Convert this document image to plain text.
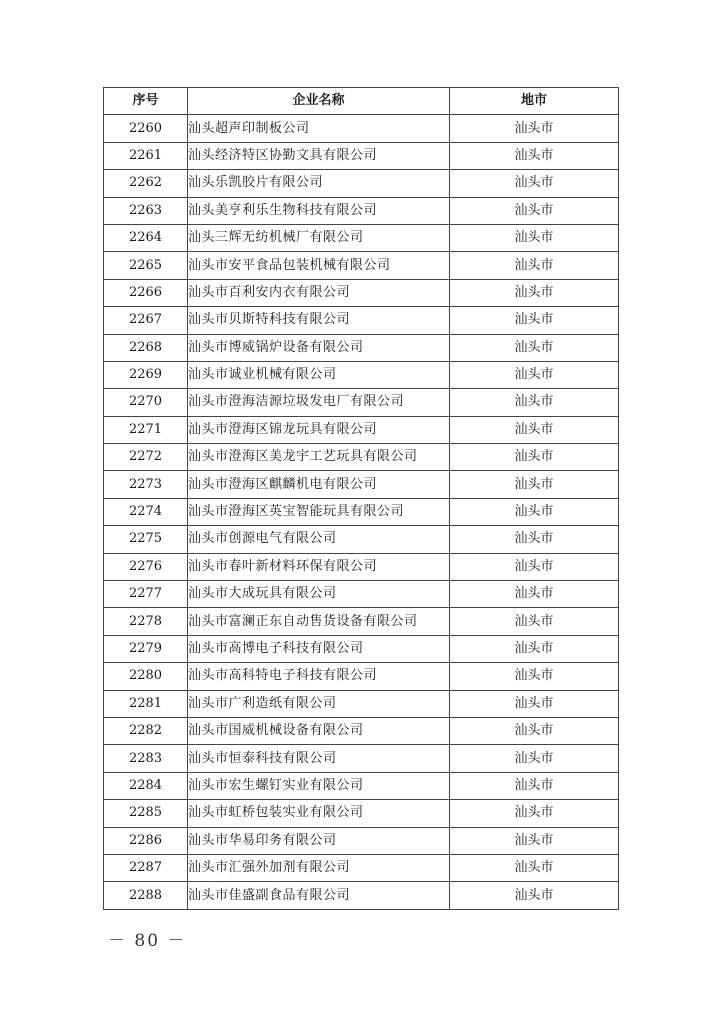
序号	企业名称	地市
2260	汕头超声印制板公司	汕头市
2261	汕头经济特区协勤文具有限公司	汕头市
2262	汕头乐凯胶片有限公司	汕头市
2263	汕头美亨利乐生物科技有限公司	汕头市
2264	汕头三辉无纺机械厂有限公司	汕头市
2265	汕头市安平食品包装机械有限公司	汕头市
2266	汕头市百利安内衣有限公司	汕头市
2267	汕头市贝斯特科技有限公司	汕头市
2268	汕头市博威锅炉设备有限公司	汕头市
2269	汕头市诚业机械有限公司	汕头市
2270	汕头市澄海洁源垃圾发电厂有限公司	汕头市
2271	汕头市澄海区锦龙玩具有限公司	汕头市
2272	汕头市澄海区美龙宇工艺玩具有限公司	汕头市
2273	汕头市澄海区麒麟机电有限公司	汕头市
2274	汕头市澄海区英宝智能玩具有限公司	汕头市
2275	汕头市创源电气有限公司	汕头市
2276	汕头市春叶新材料环保有限公司	汕头市
2277	汕头市大成玩具有限公司	汕头市
2278	汕头市富澜正东自动售货设备有限公司	汕头市
2279	汕头市高博电子科技有限公司	汕头市
2280	汕头市高科特电子科技有限公司	汕头市
2281	汕头市广利造纸有限公司	汕头市
2282	汕头市国威机械设备有限公司	汕头市
2283	汕头市恒泰科技有限公司	汕头市
2284	汕头市宏生螺钉实业有限公司	汕头市
2285	汕头市虹桥包装实业有限公司	汕头市
2286	汕头市华易印务有限公司	汕头市
2287	汕头市汇强外加剂有限公司	汕头市
2288	汕头市佳盛副食品有限公司	汕头市
－ 80 －
